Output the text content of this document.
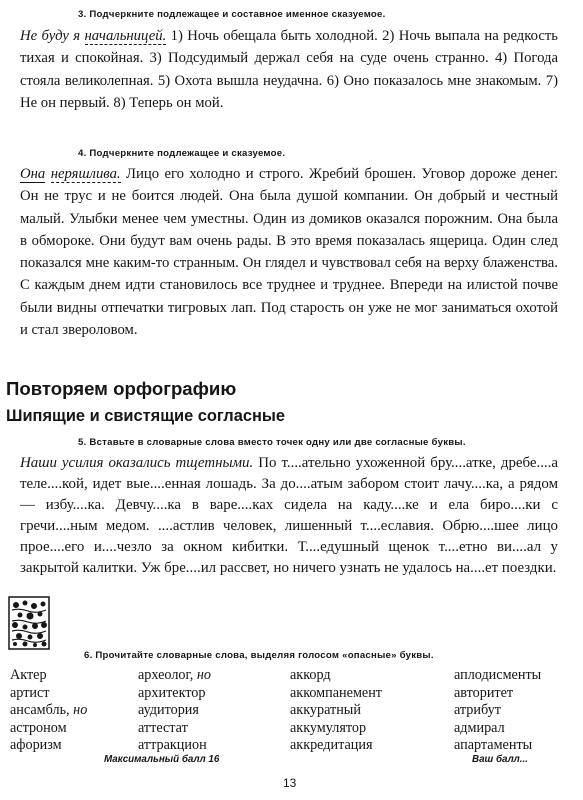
3. Подчеркните подлежащее и составное именное сказуемое.
Не буду я начальницей. 1) Ночь обещала быть холодной. 2) Ночь выпала на редкость тихая и спокойная. 3) Подсудимый держал себя на суде очень странно. 4) Погода стояла великолепная. 5) Охота вышла неудачна. 6) Оно показалось мне знакомым. 7) Не он первый. 8) Теперь он мой.
4. Подчеркните подлежащее и сказуемое.
Она неряшлива. Лицо его холодно и строго. Жребий брошен. Уговор дороже денег. Он не трус и не боится людей. Она была душой компании. Он добрый и честный малый. Улыбки менее чем уместны. Один из домиков оказался порожним. Она была в обмороке. Они будут вам очень рады. В это время показалась ящерица. Один след показался мне каким-то странным. Он глядел и чувствовал себя на верху блаженства. С каждым днем идти становилось все труднее и труднее. Впереди на илистой почве были видны отпечатки тигровых лап. Под старость он уже не мог заниматься охотой и стал звероловом.
Повторяем орфографию
Шипящие и свистящие согласные
5. Вставьте в словарные слова вместо точек одну или две согласные буквы.
Наши усилия оказались тщетными. По т....ательно ухоженной бру....атке, дребе....а теле....кой, идет вые....енная лошадь. За до....атым забором стоит лачу....ка, а рядом — избу....ка. Девчу....ка в варе....ках сидела на каду....ке и ела биро....ки с гречи....ным медом. ....астлив человек, лишенный т....еславия. Обрю....шее лицо прое....его и....чезло за окном кибитки. Т....едушный щенок т....етно ви....ал у закрытой калитки. Уж бре....ил рассвет, но ничего узнать не удалось на....ет поездки.
6. Прочитайте словарные слова, выделяя голосом «опасные» буквы.
Актер
артист
ансамбль, но
астроном
афоризм
археолог, но
архитектор
аудитория
аттестат
аттракцион
аккорд
аккомпанемент
аккуратный
аккумулятор
аккредитация
аплодисменты
авторитет
атрибут
адмирал
апартаменты
Максимальный балл 16	Ваш балл...
13
